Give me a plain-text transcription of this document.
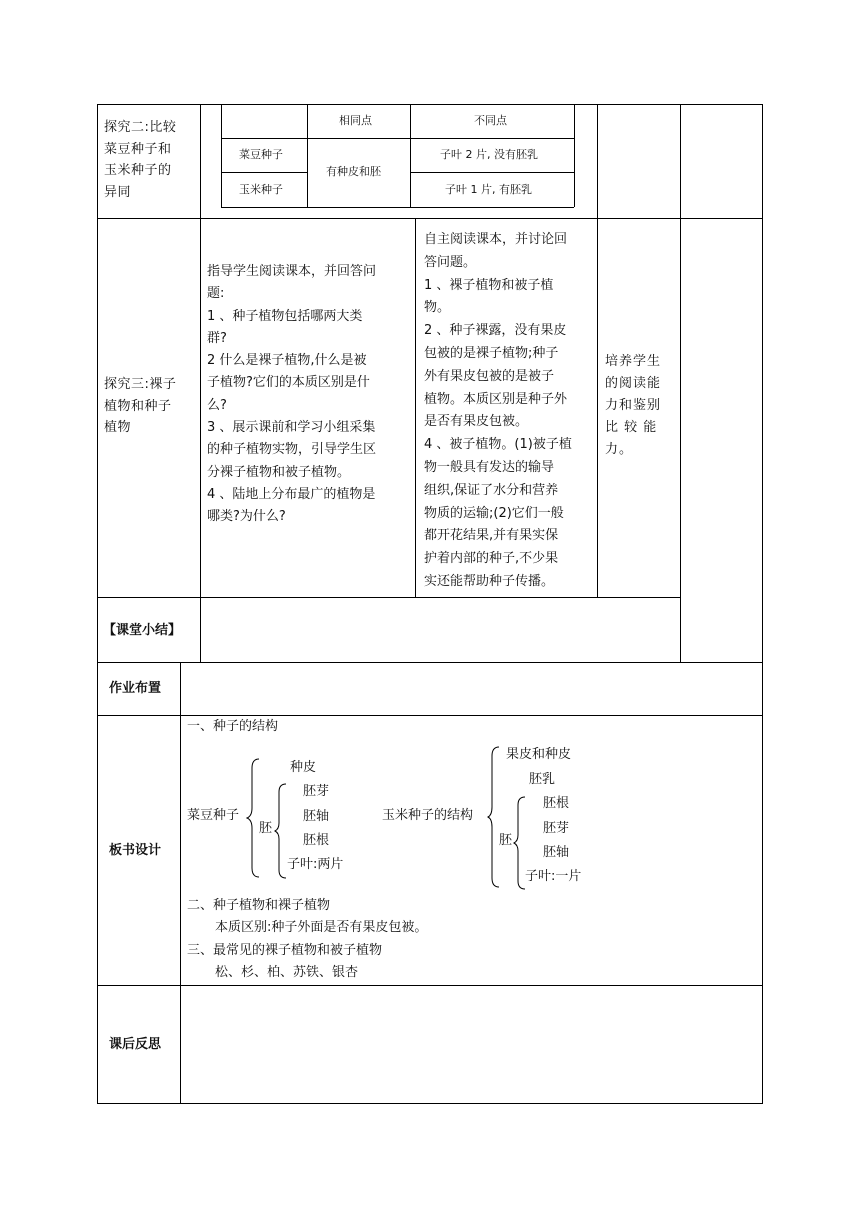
探究二:比较
菜豆种子和
玉米种子的
异同
相同点	不同点
菜豆种子
玉米种子
有种皮和胚
子叶 2 片, 没有胚乳
子叶 1 片, 有胚乳
探究三:裸子
植物和种子
植物
指导学生阅读课本，并回答问
题:
1 、种子植物包括哪两大类
群?
2 什么是裸子植物,什么是被
子植物?它们的本质区别是什
么?
3 、展示课前和学习小组采集
的种子植物实物，引导学生区
分裸子植物和被子植物。
4 、陆地上分布最广的植物是
哪类?为什么?
自主阅读课本，并讨论回
答问题。
1 、裸子植物和被子植
物。
2 、种子裸露，没有果皮
包被的是裸子植物;种子
外有果皮包被的是被子
植物。本质区别是种子外
是否有果皮包被。
4 、被子植物。(1)被子植
物一般具有发达的输导
组织,保证了水分和营养
物质的运输;(2)它们一般
都开花结果,并有果实保
护着内部的种子,不少果
实还能帮助种子传播。
培养学生
的阅读能
力和鉴别
比 较 能
力。
【课堂小结】
作业布置
板书设计
一、种子的结构
菜豆种子
种皮
胚
胚芽
胚轴
胚根
子叶:两片
玉米种子的结构
果皮和种皮
胚乳
胚
胚根
胚芽
胚轴
子叶:一片
二、种子植物和裸子植物
本质区别:种子外面是否有果皮包被。
三、最常见的裸子植物和被子植物
松、杉、柏、苏铁、银杏
课后反思
